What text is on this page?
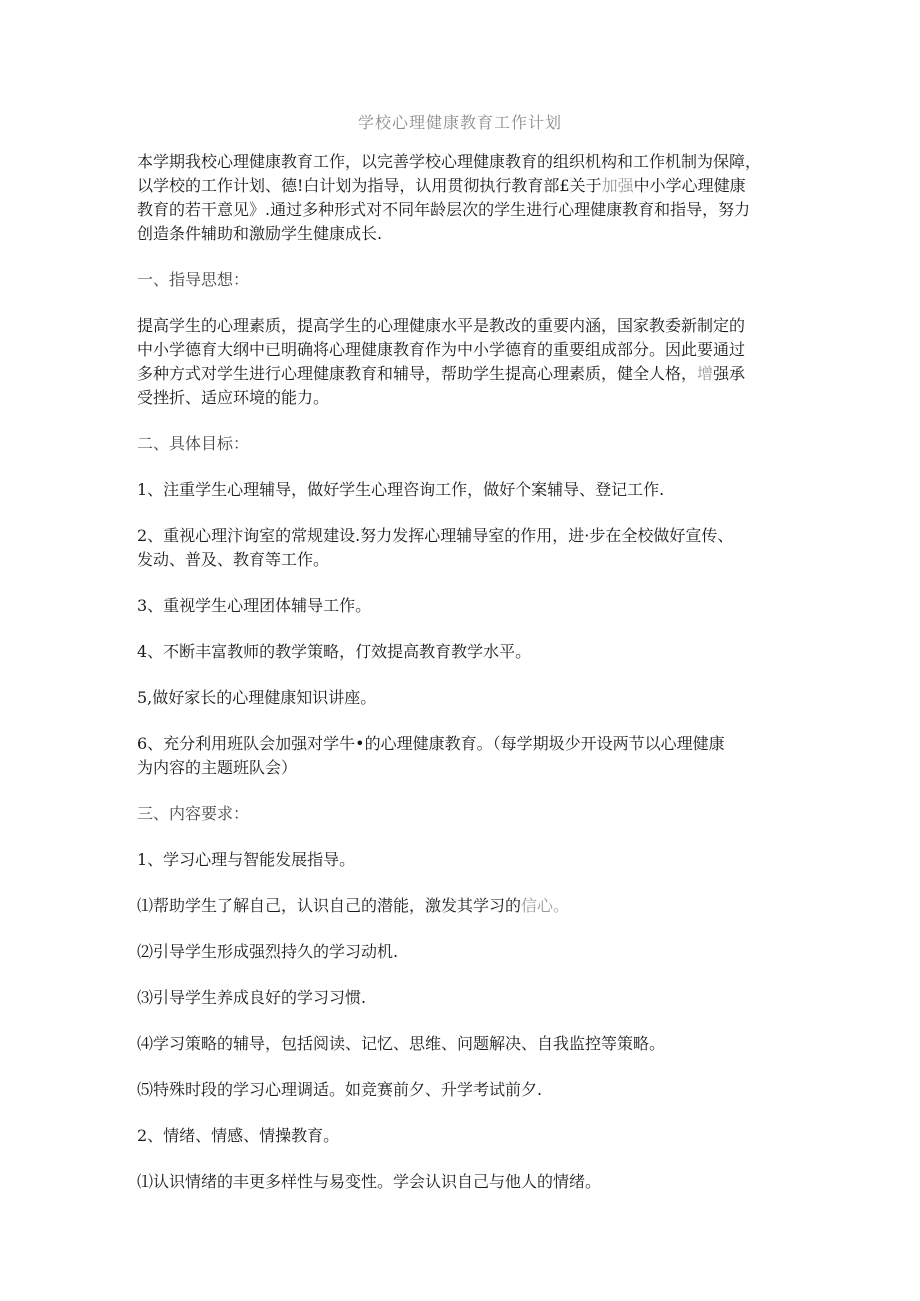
学校心理健康教育工作计划

本学期我校心理健康教育工作，以完善学校心理健康教育的组织机构和工作机制为保障，
以学校的工作计划、德!白计划为指导，认用贯彻执行教育部£关于加强中小学心理健康
教育的若干意见》.通过多种形式对不同年龄层次的学生进行心理健康教育和指导，努力
创造条件辅助和激励学生健康成长.

一、指导思想：

提高学生的心理素质，提高学生的心理健康水平是教改的重要内涵，国家教委新制定的
中小学德育大纲中已明确将心理健康教育作为中小学德育的重要组成部分。因此要通过
多种方式对学生进行心理健康教育和辅导，帮助学生提高心理素质，健全人格，增强承
受挫折、适应环境的能力。

二、具体目标：

1、注重学生心理辅导，做好学生心理咨询工作，做好个案辅导、登记工作.

2、重视心理汴询室的常规建设.努力发挥心理辅导室的作用，进·步在全校做好宣传、
发动、普及、教育等工作。

3、重视学生心理团体辅导工作。

4、不断丰富教师的教学策略，仃效提高教育教学水平。

5,做好家长的心理健康知识讲座。

6、充分利用班队会加强对学牛•的心理健康教育。（每学期圾少开设两节以心理健康
为内容的主题班队会）

三、内容要求：

1、学习心理与智能发展指导。

⑴帮助学生了解自己，认识自己的潜能，激发其学习的信心。

⑵引导学生形成强烈持久的学习动机.

⑶引导学生养成良好的学习习惯.

⑷学习策略的辅导，包括阅读、记忆、思维、问题解决、自我监控等策略。

⑸特殊时段的学习心理调适。如竞赛前夕、升学考试前夕.

2、情绪、情感、情操教育。

⑴认识情绪的丰更多样性与易变性。学会认识自己与他人的情绪。
